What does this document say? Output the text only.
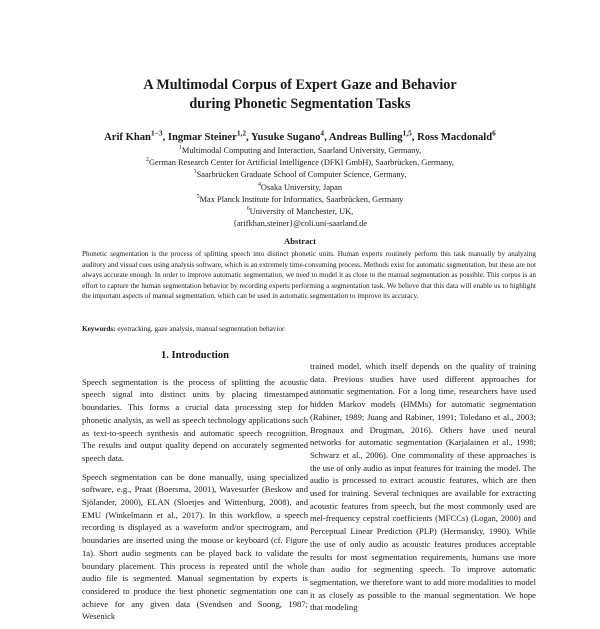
A Multimodal Corpus of Expert Gaze and Behavior
during Phonetic Segmentation Tasks
Arif Khan$^{1-3}$, Ingmar Steiner$^{1,2}$, Yusuke Sugano$^4$, Andreas Bulling$^{1,5}$, Ross Macdonald$^6$
$^1$Multimodal Computing and Interaction, Saarland University, Germany,
$^2$German Research Center for Artificial Intelligence (DFKI GmbH), Saarbrücken, Germany,
$^3$Saarbrücken Graduate School of Computer Science, Germany,
$^4$Osaka University, Japan
$^5$Max Planck Institute for Informatics, Saarbrücken, Germany
$^6$University of Manchester, UK,
{arifkhan,steiner}@coli.uni-saarland.de
Abstract
Phonetic segmentation is the process of splitting speech into distinct phonetic units. Human experts routinely perform this task manually by analyzing auditory and visual cues using analysis software, which is an extremely time-consuming process. Methods exist for automatic segmentation, but these are not always accurate enough. In order to improve automatic segmentation, we need to model it as close to the manual segmentation as possible. This corpus is an effort to capture the human segmentation behavior by recording experts performing a segmentation task. We believe that this data will enable us to highlight the important aspects of manual segmentation, which can be used in automatic segmentation to improve its accuracy.
Keywords: eyetracking, gaze analysis, manual segmentation behavior
1. Introduction

Speech segmentation is the process of splitting the acoustic speech signal into distinct units by placing timestamped boundaries. This forms a crucial data processing step for phonetic analysis, as well as speech technology applications such as text-to-speech synthesis and automatic speech recognition. The results and output quality depend on accurately segmented speech data.

Speech segmentation can be done manually, using specialized software, e.g., Praat (Boersma, 2001), Wavesurfer (Beskow and Sjölander, 2000), ELAN (Sloetjes and Wittenburg, 2008), and EMU (Winkelmann et al., 2017). In this workflow, a speech recording is displayed as a waveform and/or spectrogram, and boundaries are inserted using the mouse or keyboard (cf. Figure 1a). Short audio segments can be played back to validate the boundary placement. This process is repeated until the whole audio file is segmented. Manual segmentation by experts is considered to produce the best phonetic segmentation one can achieve for any given data (Svendsen and Soong, 1987; Wesenick

trained model, which itself depends on the quality of training data. Previous studies have used different approaches for automatic segmentation. For a long time, researchers have used hidden Markov models (HMMs) for automatic segmentation (Rabiner, 1989; Juang and Rabiner, 1991; Toledano et al., 2003; Brognaux and Drugman, 2016). Others have used neural networks for automatic segmentation (Karjalainen et al., 1998; Schwarz et al., 2006). One commonality of these approaches is the use of only audio as input features for training the model. The audio is processed to extract acoustic features, which are then used for training. Several techniques are available for extracting acoustic features from speech, but the most commonly used are mel-frequency cepstral coefficients (MFCCs) (Logan, 2000) and Perceptual Linear Prediction (PLP) (Hermansky, 1990). While the use of only audio as acoustic features produces acceptable results for most segmentation requirements, humans use more than audio for segmenting speech. To improve automatic segmentation, we therefore want to add more modalities to model it as closely as possible to the manual segmentation. We hope that modeling
